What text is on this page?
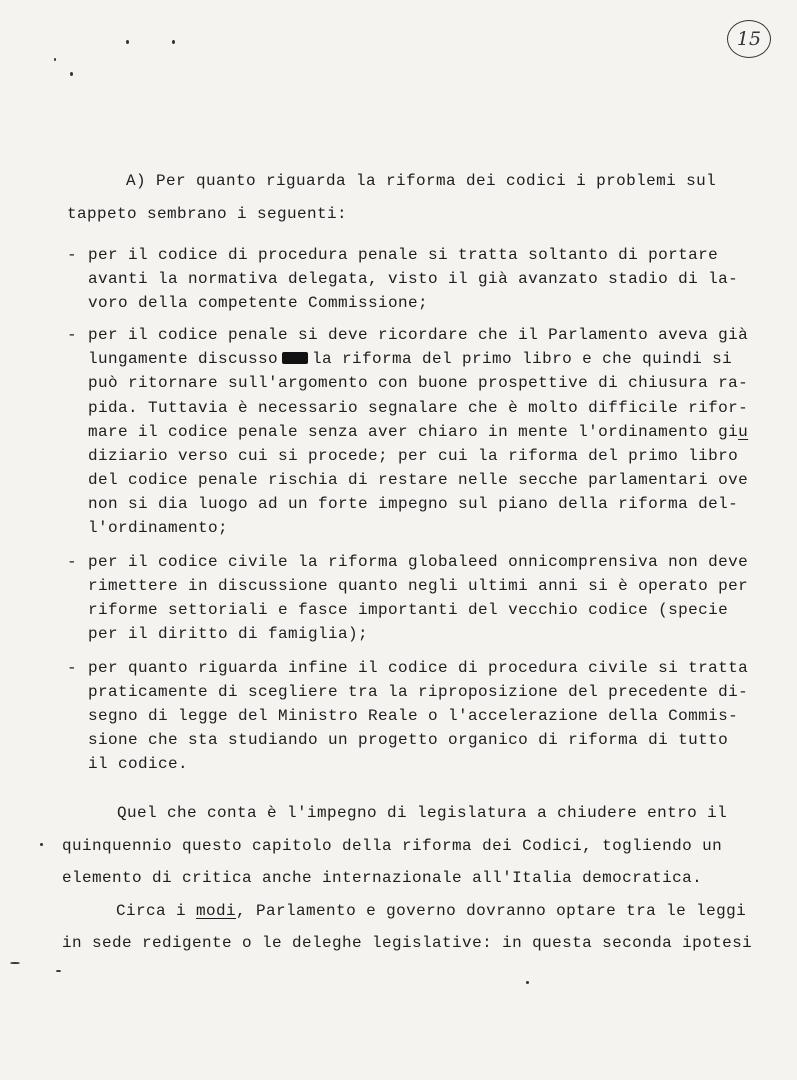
15
A) Per quanto riguarda la riforma dei codici i problemi sul
tappeto sembrano i seguenti:
- per il codice di procedura penale si tratta soltanto di portare
avanti la normativa delegata, visto il già avanzato stadio di la-
voro della competente Commissione;
- per il codice penale si deve ricordare che il Parlamento aveva già
lungamente discusso la riforma del primo libro e che quindi si
può ritornare sull'argomento con buone prospettive di chiusura ra-
pida. Tuttavia è necessario segnalare che è molto difficile rifor-
mare il codice penale senza aver chiaro in mente l'ordinamento giu
diziario verso cui si procede; per cui la riforma del primo libro
del codice penale rischia di restare nelle secche parlamentari ove
non si dia luogo ad un forte impegno sul piano della riforma del-
l'ordinamento;
- per il codice civile la riforma globaleed onnicomprensiva non deve
rimettere in discussione quanto negli ultimi anni si è operato per
riforme settoriali e fasce importanti del vecchio codice (specie
per il diritto di famiglia);
- per quanto riguarda infine il codice di procedura civile si tratta
praticamente di scegliere tra la riproposizione del precedente di-
segno di legge del Ministro Reale o l'accelerazione della Commis-
sione che sta studiando un progetto organico di riforma di tutto
il codice.
Quel che conta è l'impegno di legislatura a chiudere entro il
quinquennio questo capitolo della riforma dei Codici, togliendo un
elemento di critica anche internazionale all'Italia democratica.
Circa i modi, Parlamento e governo dovranno optare tra le leggi
in sede redigente o le deleghe legislative: in questa seconda ipotesi
